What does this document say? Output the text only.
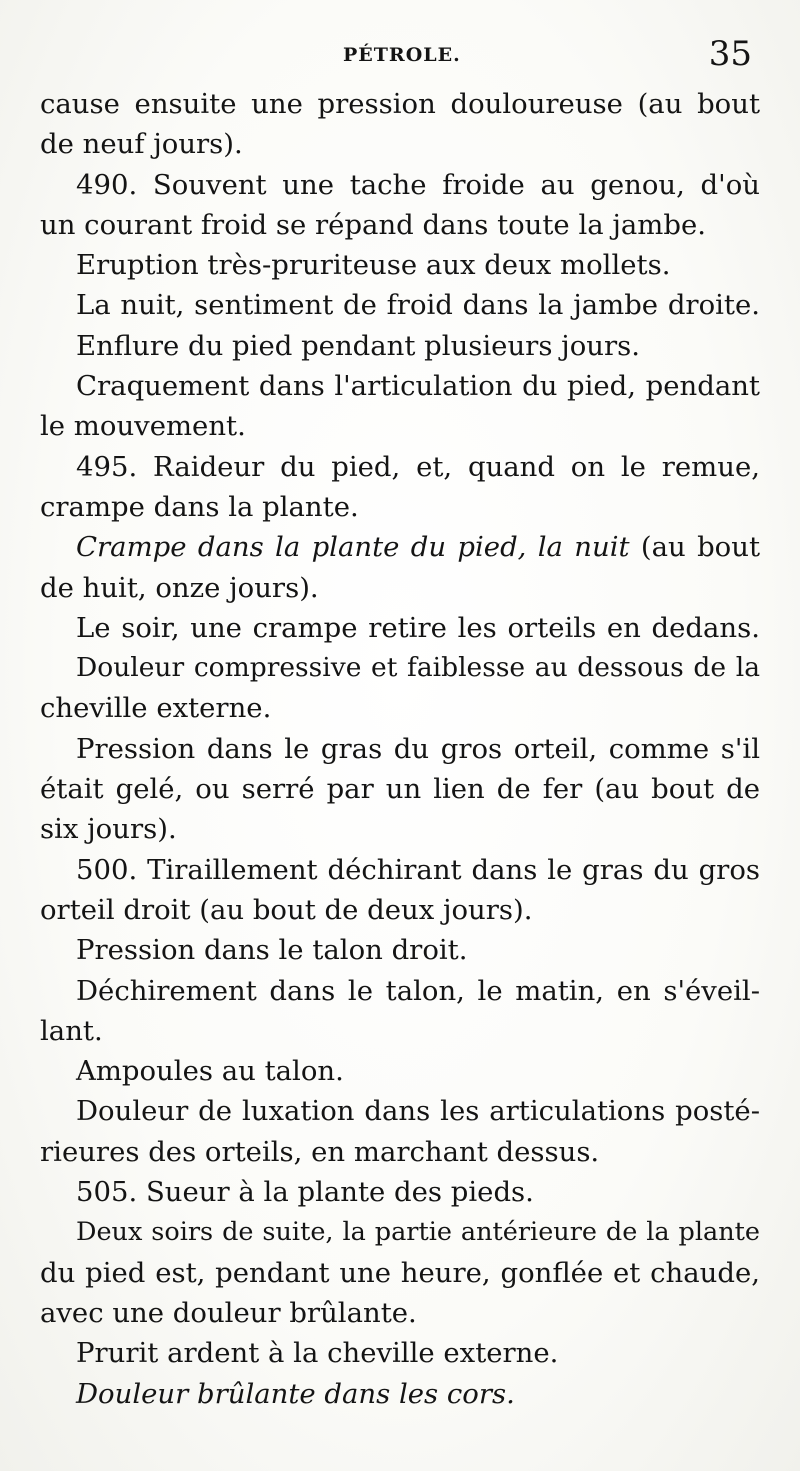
PÉTROLE.	35
cause ensuite une pression douloureuse (au bout
de neuf jours).
490. Souvent une tache froide au genou, d'où
un courant froid se répand dans toute la jambe.
Eruption très-pruriteuse aux deux mollets.
La nuit, sentiment de froid dans la jambe droite.
Enflure du pied pendant plusieurs jours.
Craquement dans l'articulation du pied, pendant
le mouvement.
495. Raideur du pied, et, quand on le remue,
crampe dans la plante.
Crampe dans la plante du pied, la nuit (au bout
de huit, onze jours).
Le soir, une crampe retire les orteils en dedans.
Douleur compressive et faiblesse au dessous de la
cheville externe.
Pression dans le gras du gros orteil, comme s'il
était gelé, ou serré par un lien de fer (au bout de
six jours).
500. Tiraillement déchirant dans le gras du gros
orteil droit (au bout de deux jours).
Pression dans le talon droit.
Déchirement dans le talon, le matin, en s'éveil-
lant.
Ampoules au talon.
Douleur de luxation dans les articulations posté-
rieures des orteils, en marchant dessus.
505. Sueur à la plante des pieds.
Deux soirs de suite, la partie antérieure de la plante
du pied est, pendant une heure, gonflée et chaude,
avec une douleur brûlante.
Prurit ardent à la cheville externe.
Douleur brûlante dans les cors.
